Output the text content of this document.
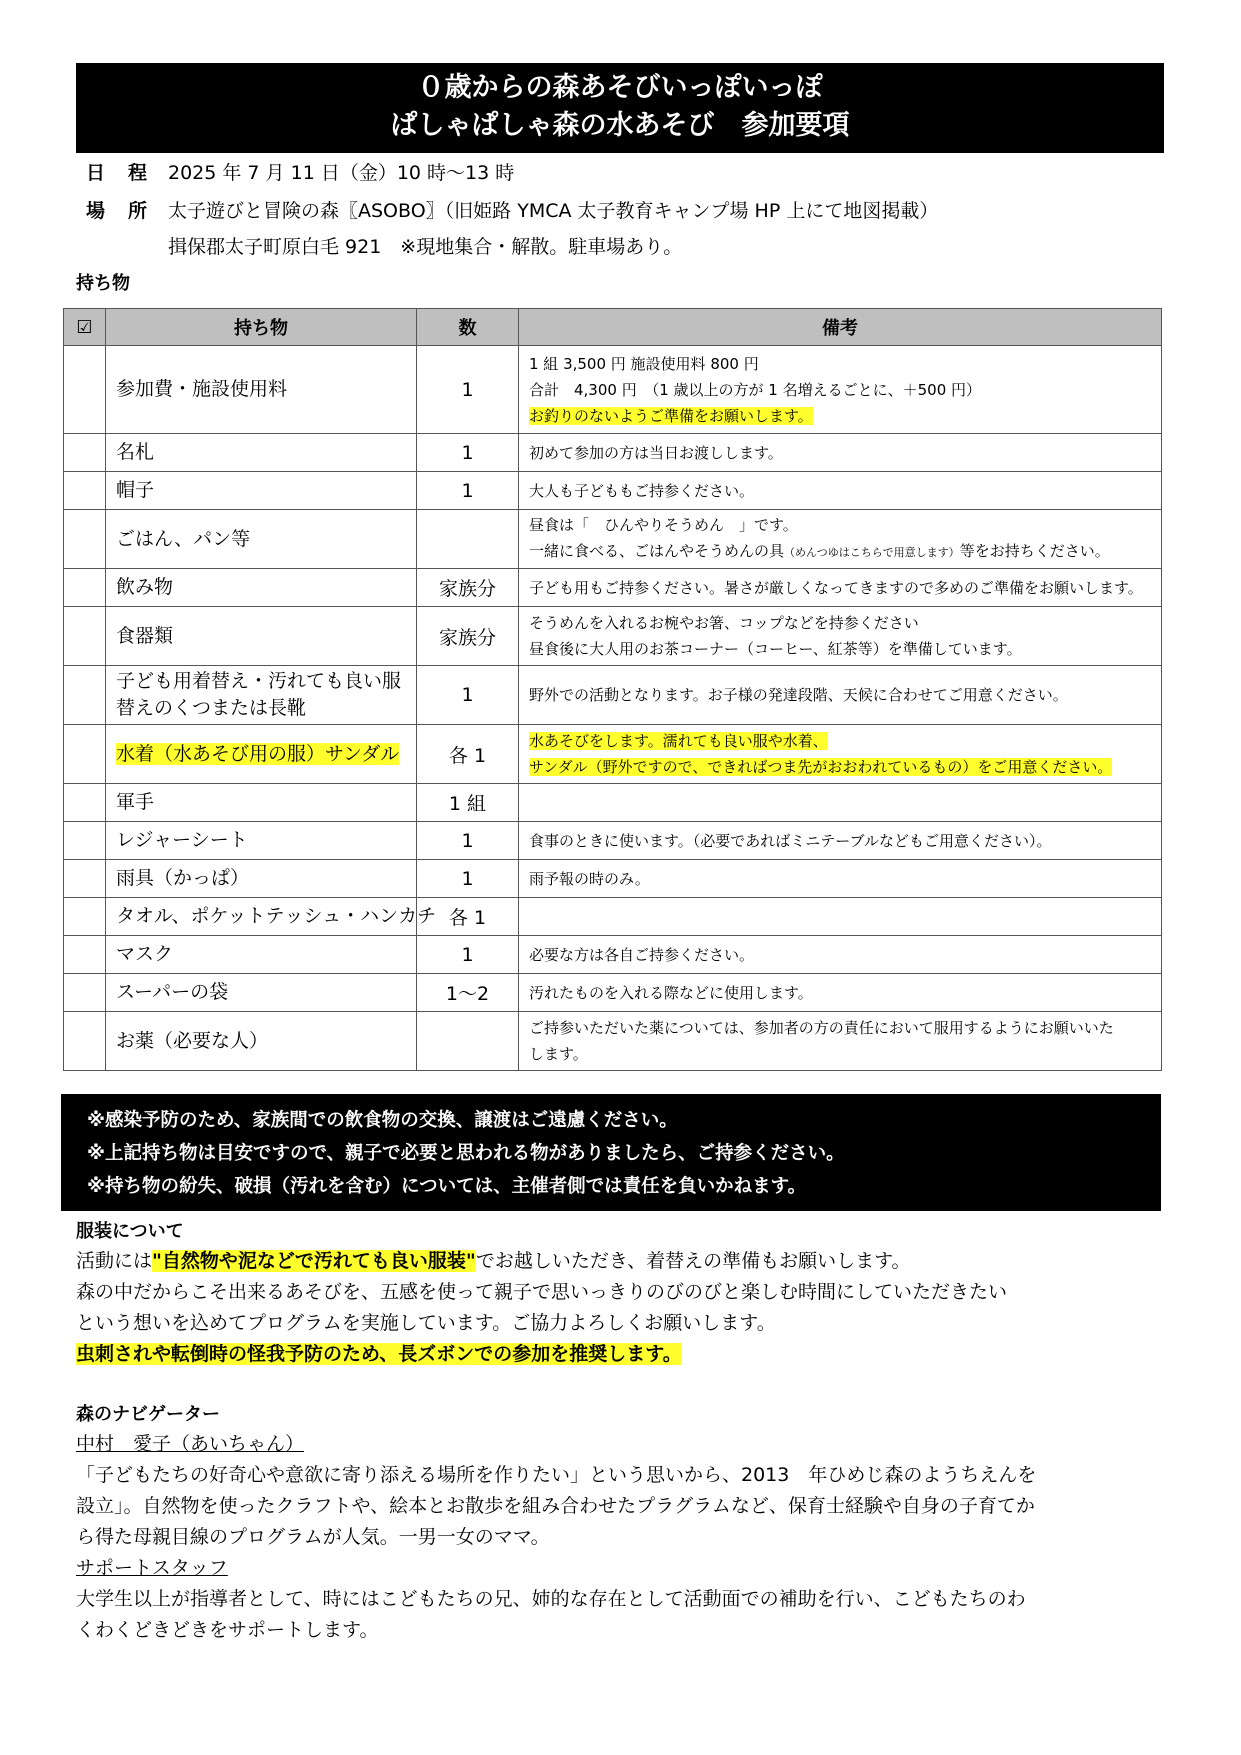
０歳からの森あそびいっぽいっぽ
ぱしゃぱしゃ森の水あそび　参加要項
日　程 2025 年 7 月 11 日（金）10 時～13 時
場　所 太子遊びと冒険の森〖ASOBO〗（旧姫路 YMCA 太子教育キャンプ場 HP 上にて地図掲載）
揖保郡太子町原白毛 921　※現地集合・解散。駐車場あり。
持ち物
☑	持ち物	数	備考
	参加費・施設使用料	1	1 組 3,500 円 施設使用料 800 円
合計　4,300 円　（1 歳以上の方が 1 名増えるごとに、＋500 円）
お釣りのないようご準備をお願いします。

	名札	1	初めて参加の方は当日お渡しします。
	帽子	1	大人も子どももご持参ください。
	ごはん、パン等		昼食は「　ひんやりそうめん　」です。
一緒に食べる、ごはんやそうめんの具（めんつゆはこちらで用意します）等をお持ちください。

	飲み物	家族分	子ども用もご持参ください。暑さが厳しくなってきますので多めのご準備をお願いします。
	食器類	家族分	そうめんを入れるお椀やお箸、コップなどを持参ください
昼食後に大人用のお茶コーナー（コーヒー、紅茶等）を準備しています。

	子ども用着替え・汚れても良い服
替えのくつまたは長靴	1	野外での活動となります。お子様の発達段階、天候に合わせてご用意ください。
	水着（水あそび用の服）サンダル	各 1	水あそびをします。濡れても良い服や水着、
サンダル（野外ですので、できればつま先がおおわれているもの）をご用意ください。

	軍手	1 組	
	レジャーシート	1	食事のときに使います。（必要であればミニテーブルなどもご用意ください）。
	雨具（かっぱ）	1	雨予報の時のみ。
	タオル、ポケットテッシュ・ハンカチ	各 1	
	マスク	1	必要な方は各自ご持参ください。
	スーパーの袋	1～2	汚れたものを入れる際などに使用します。
	お薬（必要な人）		ご持参いただいた薬については、参加者の方の責任において服用するようにお願いいた
します。
※感染予防のため、家族間での飲食物の交換、譲渡はご遠慮ください。
※上記持ち物は目安ですので、親子で必要と思われる物がありましたら、ご持参ください。
※持ち物の紛失、破損（汚れを含む）については、主催者側では責任を負いかねます。
服装について
活動には"自然物や泥などで汚れても良い服装"でお越しいただき、着替えの準備もお願いします。
森の中だからこそ出来るあそびを、五感を使って親子で思いっきりのびのびと楽しむ時間にしていただきたい
という想いを込めてプログラムを実施しています。ご協力よろしくお願いします。
虫刺されや転倒時の怪我予防のため、長ズボンでの参加を推奨します。
森のナビゲーター
中村　愛子（あいちゃん）
「子どもたちの好奇心や意欲に寄り添える場所を作りたい」という思いから、2013　年ひめじ森のようちえんを
設立」。自然物を使ったクラフトや、絵本とお散歩を組み合わせたプラグラムなど、保育士経験や自身の子育てか
ら得た母親目線のプログラムが人気。一男一女のママ。
サポートスタッフ
大学生以上が指導者として、時にはこどもたちの兄、姉的な存在として活動面での補助を行い、こどもたちのわ
くわくどきどきをサポートします。
